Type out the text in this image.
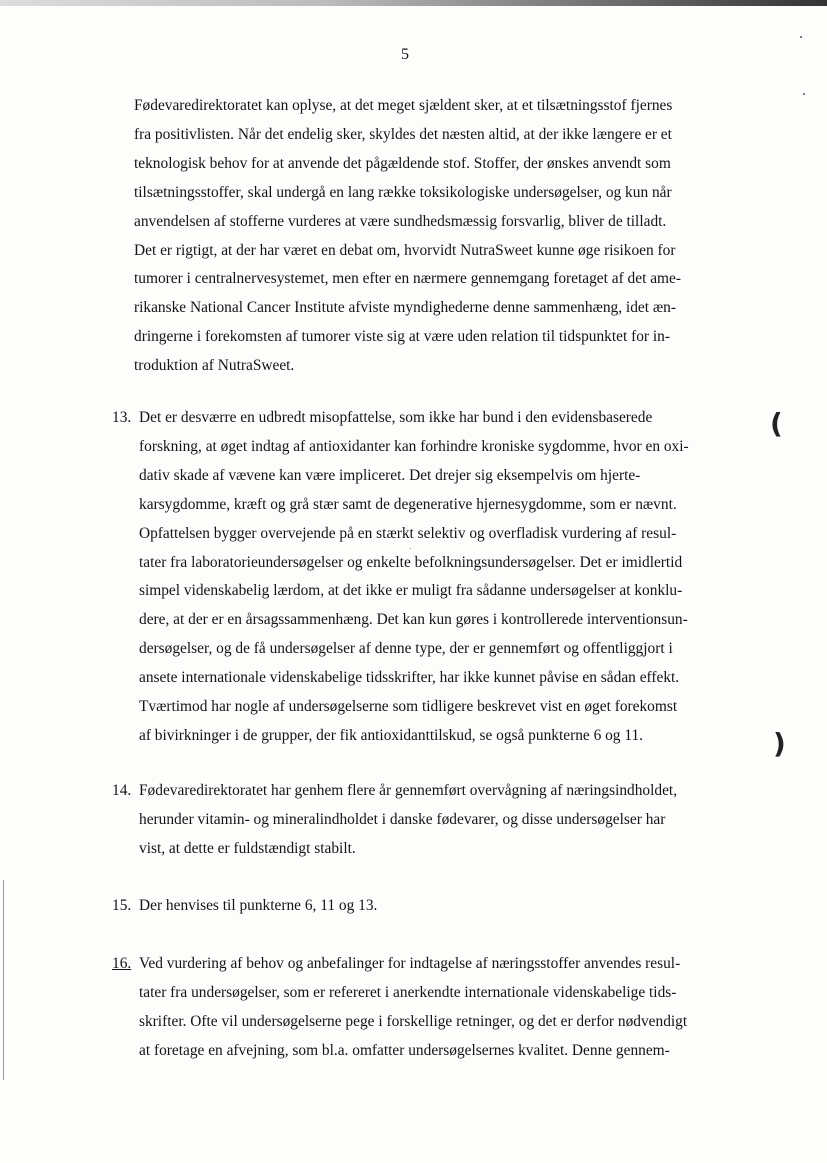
5
Fødevaredirektoratet kan oplyse, at det meget sjældent sker, at et tilsætningsstof fjernes
fra positivlisten. Når det endelig sker, skyldes det næsten altid, at der ikke længere er et
teknologisk behov for at anvende det pågældende stof. Stoffer, der ønskes anvendt som
tilsætningsstoffer, skal undergå en lang række toksikologiske undersøgelser, og kun når
anvendelsen af stofferne vurderes at være sundhedsmæssig forsvarlig, bliver de tilladt.
Det er rigtigt, at der har været en debat om, hvorvidt NutraSweet kunne øge risikoen for
tumorer i centralnervesystemet, men efter en nærmere gennemgang foretaget af det ame-
rikanske National Cancer Institute afviste myndighederne denne sammenhæng, idet æn-
dringerne i forekomsten af tumorer viste sig at være uden relation til tidspunktet for in-
troduktion af NutraSweet.
13. Det er desværre en udbredt misopfattelse, som ikke har bund i den evidensbaserede
forskning, at øget indtag af antioxidanter kan forhindre kroniske sygdomme, hvor en oxi-
dativ skade af vævene kan være impliceret. Det drejer sig eksempelvis om hjerte-
karsygdomme, kræft og grå stær samt de degenerative hjernesygdomme, som er nævnt.
Opfattelsen bygger overvejende på en stærkt selektiv og overfladisk vurdering af resul-
tater fra laboratorieundersøgelser og enkelte befolkningsundersøgelser. Det er imidlertid
simpel videnskabelig lærdom, at det ikke er muligt fra sådanne undersøgelser at konklu-
dere, at der er en årsagssammenhæng. Det kan kun gøres i kontrollerede interventionsun-
dersøgelser, og de få undersøgelser af denne type, der er gennemført og offentliggjort i
ansete internationale videnskabelige tidsskrifter, har ikke kunnet påvise en sådan effekt.
Tværtimod har nogle af undersøgelserne som tidligere beskrevet vist en øget forekomst
af bivirkninger i de grupper, der fik antioxidanttilskud, se også punkterne 6 og 11.
14. Fødevaredirektoratet har genhem flere år gennemført overvågning af næringsindholdet,
herunder vitamin- og mineralindholdet i danske fødevarer, og disse undersøgelser har
vist, at dette er fuldstændigt stabilt.
15. Der henvises til punkterne 6, 11 og 13.
16. Ved vurdering af behov og anbefalinger for indtagelse af næringsstoffer anvendes resul-
tater fra undersøgelser, som er refereret i anerkendte internationale videnskabelige tids-
skrifter. Ofte vil undersøgelserne pege i forskellige retninger, og det er derfor nødvendigt
at foretage en afvejning, som bl.a. omfatter undersøgelsernes kvalitet. Denne gennem-
(
)
